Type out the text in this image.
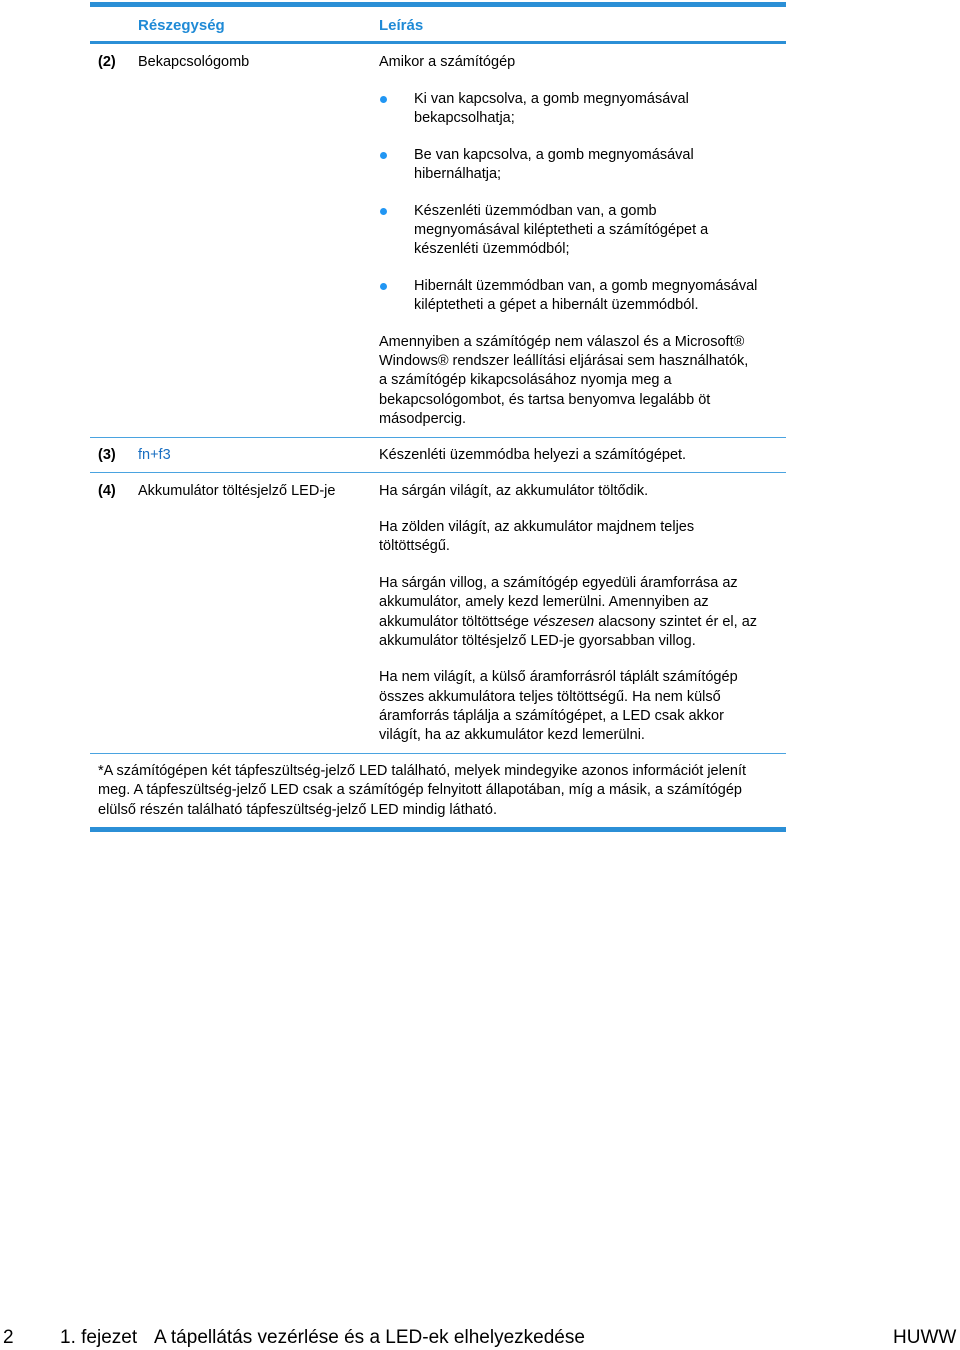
Részegység	Leírás
(2) Bekapcsológomb	Amikor a számítógép
Ki van kapcsolva, a gomb megnyomásával
bekapcsolhatja;
Be van kapcsolva, a gomb megnyomásával
hibernálhatja;
Készenléti üzemmódban van, a gomb
megnyomásával kiléptetheti a számítógépet a
készenléti üzemmódból;
Hibernált üzemmódban van, a gomb megnyomásával
kiléptetheti a gépet a hibernált üzemmódból.
Amennyiben a számítógép nem válaszol és a Microsoft®
Windows® rendszer leállítási eljárásai sem használhatók,
a számítógép kikapcsolásához nyomja meg a
bekapcsológombot, és tartsa benyomva legalább öt
másodpercig.
(3) fn+f3	Készenléti üzemmódba helyezi a számítógépet.
(4) Akkumulátor töltésjelző LED-je	Ha sárgán világít, az akkumulátor töltődik.
Ha zölden világít, az akkumulátor majdnem teljes
töltöttségű.
Ha sárgán villog, a számítógép egyedüli áramforrása az
akkumulátor, amely kezd lemerülni. Amennyiben az
akkumulátor töltöttsége vészesen alacsony szintet ér el, az
akkumulátor töltésjelző LED-je gyorsabban villog.
Ha nem világít, a külső áramforrásról táplált számítógép
összes akkumulátora teljes töltöttségű. Ha nem külső
áramforrás táplálja a számítógépet, a LED csak akkor
világít, ha az akkumulátor kezd lemerülni.
*A számítógépen két tápfeszültség-jelző LED található, melyek mindegyike azonos információt jelenít
meg. A tápfeszültség-jelző LED csak a számítógép felnyitott állapotában, míg a másik, a számítógép
elülső részén található tápfeszültség-jelző LED mindig látható.
2 1. fejezet A tápellátás vezérlése és a LED-ek elhelyezkedése	HUWW
